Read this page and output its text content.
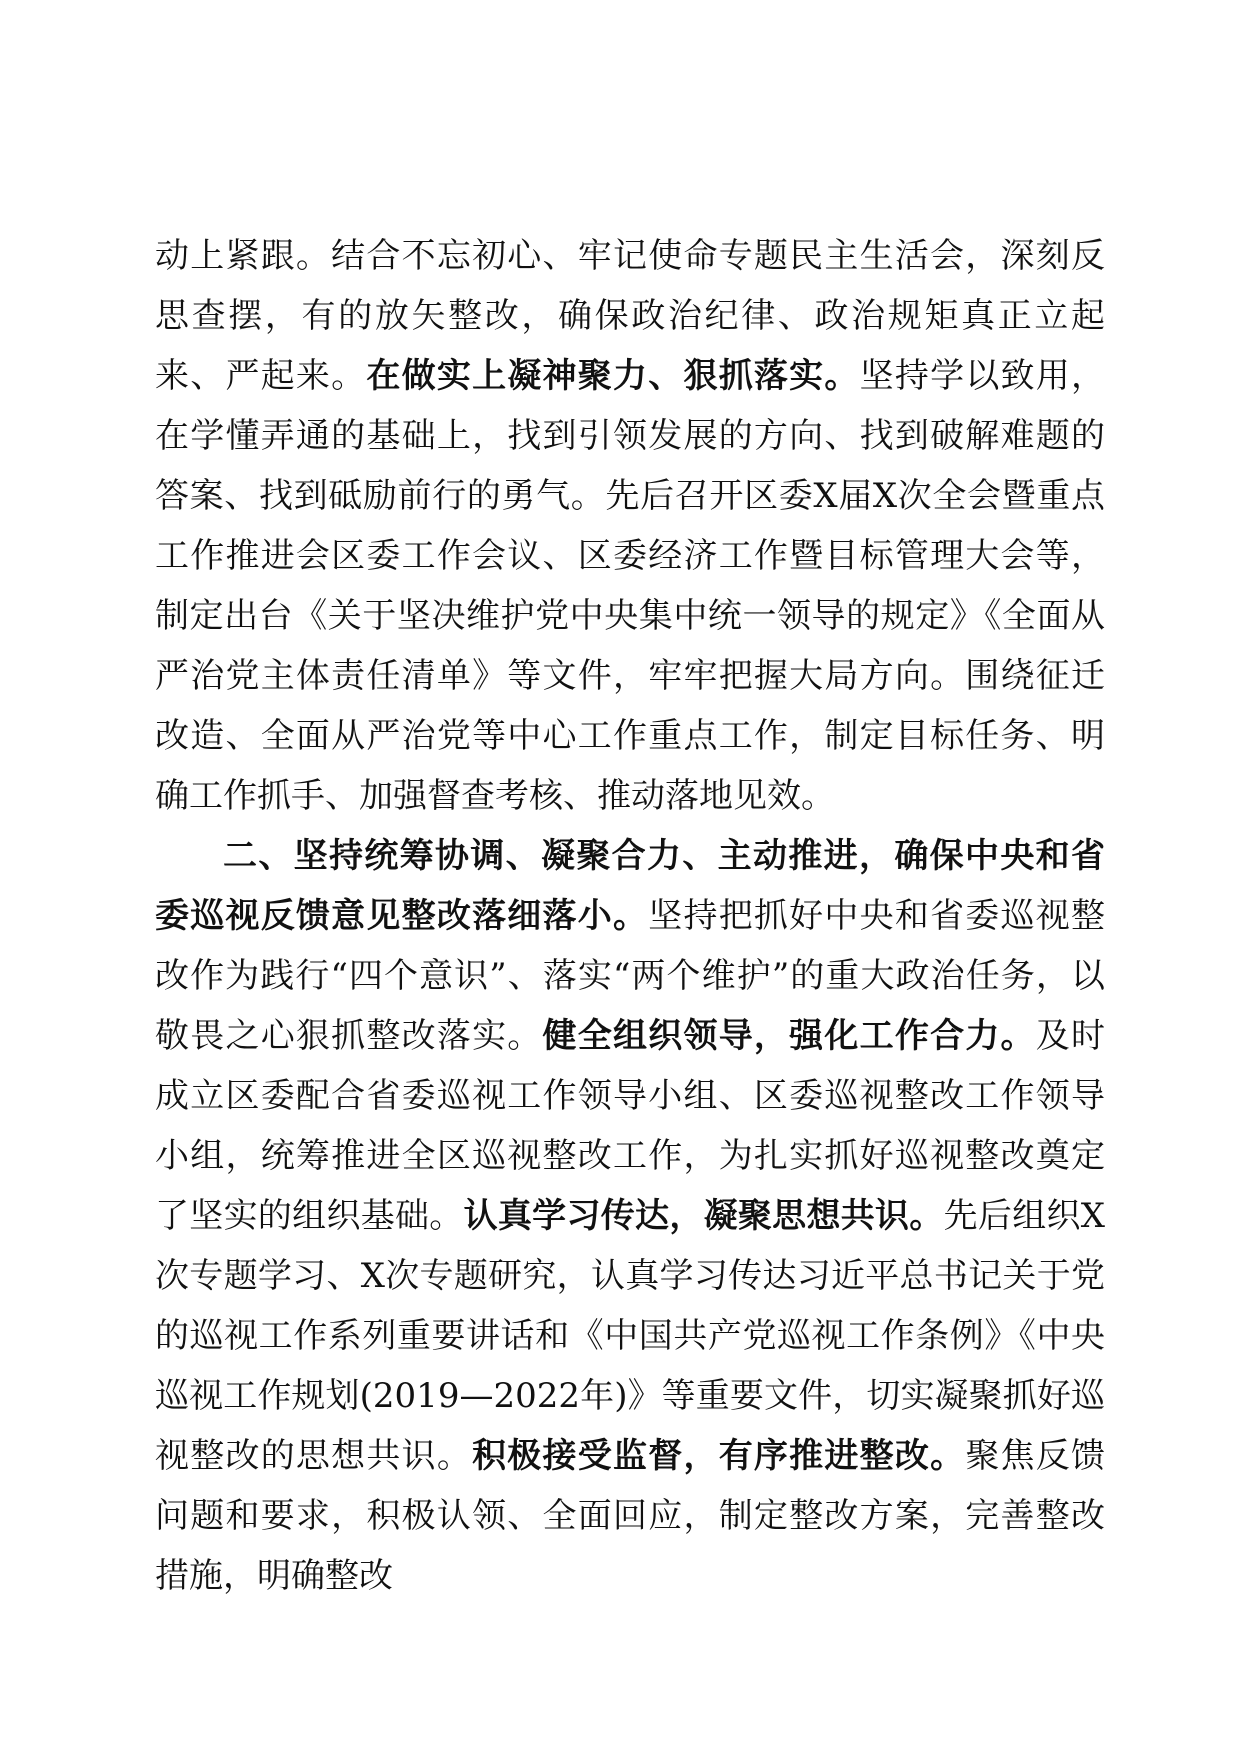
动上紧跟。结合不忘初心、牢记使命专题民主生活会，深刻反思查摆，有的放矢整改，确保政治纪律、政治规矩真正立起来、严起来。在做实上凝神聚力、狠抓落实。坚持学以致用，在学懂弄通的基础上，找到引领发展的方向、找到破解难题的答案、找到砥励前行的勇气。先后召开区委X届X次全会暨重点工作推进会区委工作会议、区委经济工作暨目标管理大会等，制定出台《关于坚决维护党中央集中统一领导的规定》《全面从严治党主体责任清单》等文件，牢牢把握大局方向。围绕征迁改造、全面从严治党等中心工作重点工作，制定目标任务、明确工作抓手、加强督查考核、推动落地见效。

二、坚持统筹协调、凝聚合力、主动推进，确保中央和省委巡视反馈意见整改落细落小。坚持把抓好中央和省委巡视整改作为践行“四个意识”、落实“两个维护”的重大政治任务，以敬畏之心狠抓整改落实。健全组织领导，强化工作合力。及时成立区委配合省委巡视工作领导小组、区委巡视整改工作领导小组，统筹推进全区巡视整改工作，为扎实抓好巡视整改奠定了坚实的组织基础。认真学习传达，凝聚思想共识。先后组织X次专题学习、X次专题研究，认真学习传达习近平总书记关于党的巡视工作系列重要讲话和《中国共产党巡视工作条例》《中央巡视工作规划(2019—2022年)》等重要文件，切实凝聚抓好巡视整改的思想共识。积极接受监督，有序推进整改。聚焦反馈问题和要求，积极认领、全面回应，制定整改方案，完善整改措施，明确整改
